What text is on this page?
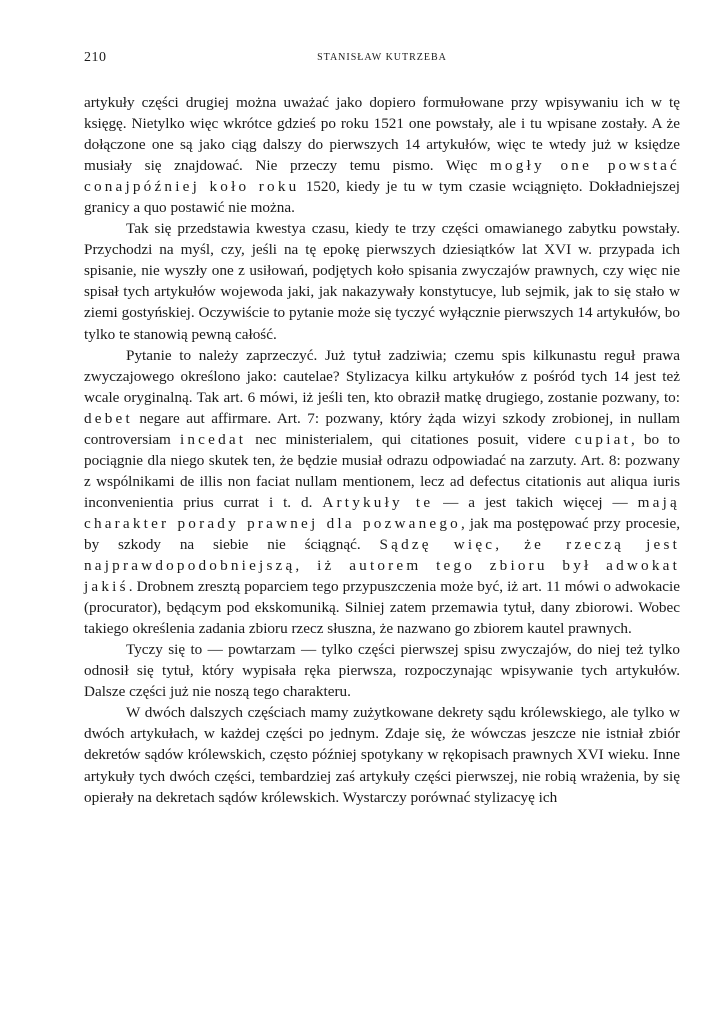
210	STANISŁAW KUTRZEBA

artykuły części drugiej można uważać jako dopiero formułowane przy wpisywaniu ich w tę księgę. Nietylko więc wkrótce gdzieś po roku 1521 one powstały, ale i tu wpisane zostały. A że dołączone one są jako ciąg dalszy do pierwszych 14 artykułów, więc te wtedy już w księdze musiały się znajdować. Nie przeczy temu pismo. Więc mogły one powstać conajpóźniej koło roku 1520, kiedy je tu w tym czasie wciągnięto. Dokładniejszej granicy a quo postawić nie można.

Tak się przedstawia kwestya czasu, kiedy te trzy części omawianego zabytku powstały. Przychodzi na myśl, czy, jeśli na tę epokę pierwszych dziesiątków lat XVI w. przypada ich spisanie, nie wyszły one z usiłowań, podjętych koło spisania zwyczajów prawnych, czy więc nie spisał tych artykułów wojewoda jaki, jak nakazywały konstytucye, lub sejmik, jak to się stało w ziemi gostyńskiej. Oczywiście to pytanie może się tyczyć wyłącznie pierwszych 14 artykułów, bo tylko te stanowią pewną całość.

Pytanie to należy zaprzeczyć. Już tytuł zadziwia; czemu spis kilkunastu reguł prawa zwyczajowego określono jako: cautelae? Stylizacya kilku artykułów z pośród tych 14 jest też wcale oryginalną. Tak art. 6 mówi, iż jeśli ten, kto obraził matkę drugiego, zostanie pozwany, to: debet negare aut affirmare. Art. 7: pozwany, który żąda wizyi szkody zrobionej, in nullam controversiam incedat nec ministerialem, qui citationes posuit, videre cupiat, bo to pociągnie dla niego skutek ten, że będzie musiał odrazu odpowiadać na zarzuty. Art. 8: pozwany z wspólnikami de illis non faciat nullam mentionem, lecz ad defectus citationis aut aliqua iuris inconvenientia prius currat i t. d. Artykuły te — a jest takich więcej — mają charakter porady prawnej dla pozwanego, jak ma postępować przy procesie, by szkody na siebie nie ściągnąć. Sądzę więc, że rzeczą jest najprawdopodobniejszą, iż autorem tego zbioru był adwokat jakiś. Drobnem zresztą poparciem tego przypuszczenia może być, iż art. 11 mówi o adwokacie (procurator), będącym pod ekskomuniką. Silniej zatem przemawia tytuł, dany zbiorowi. Wobec takiego określenia zadania zbioru rzecz słuszna, że nazwano go zbiorem kautel prawnych.

Tyczy się to — powtarzam — tylko części pierwszej spisu zwyczajów, do niej też tylko odnosił się tytuł, który wypisała ręka pierwsza, rozpoczynając wpisywanie tych artykułów. Dalsze części już nie noszą tego charakteru.

W dwóch dalszych częściach mamy zużytkowane dekrety sądu królewskiego, ale tylko w dwóch artykułach, w każdej części po jednym. Zdaje się, że wówczas jeszcze nie istniał zbiór dekretów sądów królewskich, często później spotykany w rękopisach prawnych XVI wieku. Inne artykuły tych dwóch części, tembardziej zaś artykuły części pierwszej, nie robią wrażenia, by się opierały na dekretach sądów królewskich. Wystarczy porównać stylizacyę ich
